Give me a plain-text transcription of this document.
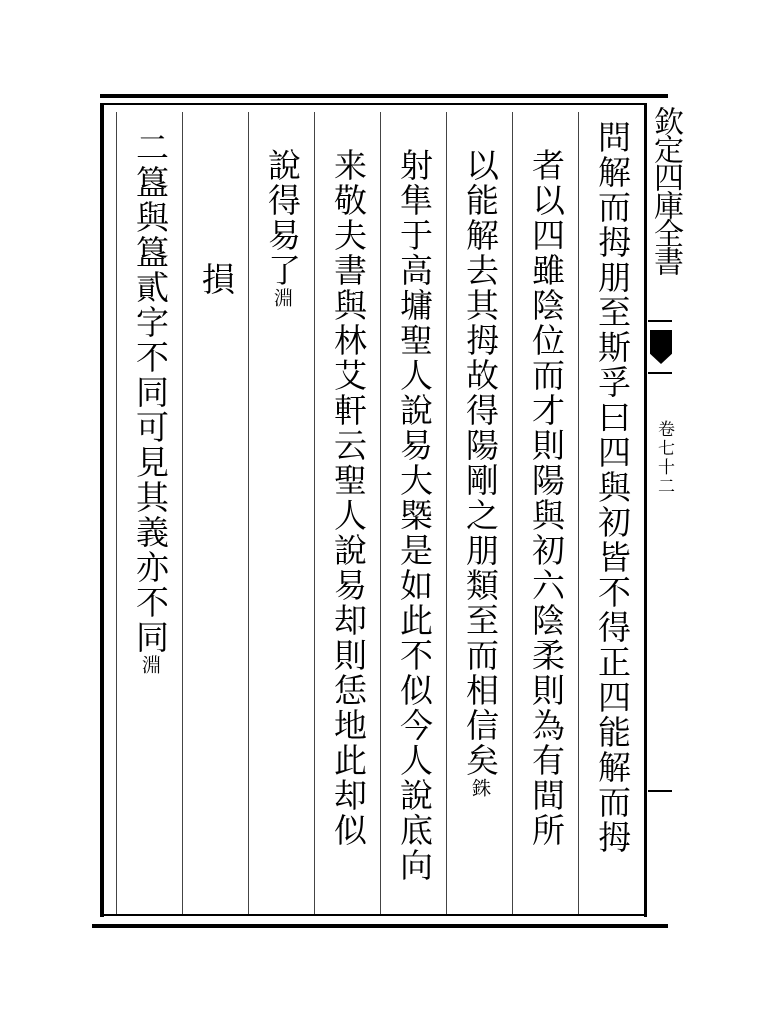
欽定四庫全書
卷七十二
問解而拇朋至斯孚曰四與初皆不得正四能解而拇
者以四雖陰位而才則陽與初六陰柔則為有間所
以能解去其拇故得陽剛之朋類至而相信矣銖
射隼于高墉聖人說易大槩是如此不似今人說底向
来敬夫書與林艾軒云聖人說易却則恁地此却似
說得易了淵
損
二簋與簋貳字不同可見其義亦不同淵
